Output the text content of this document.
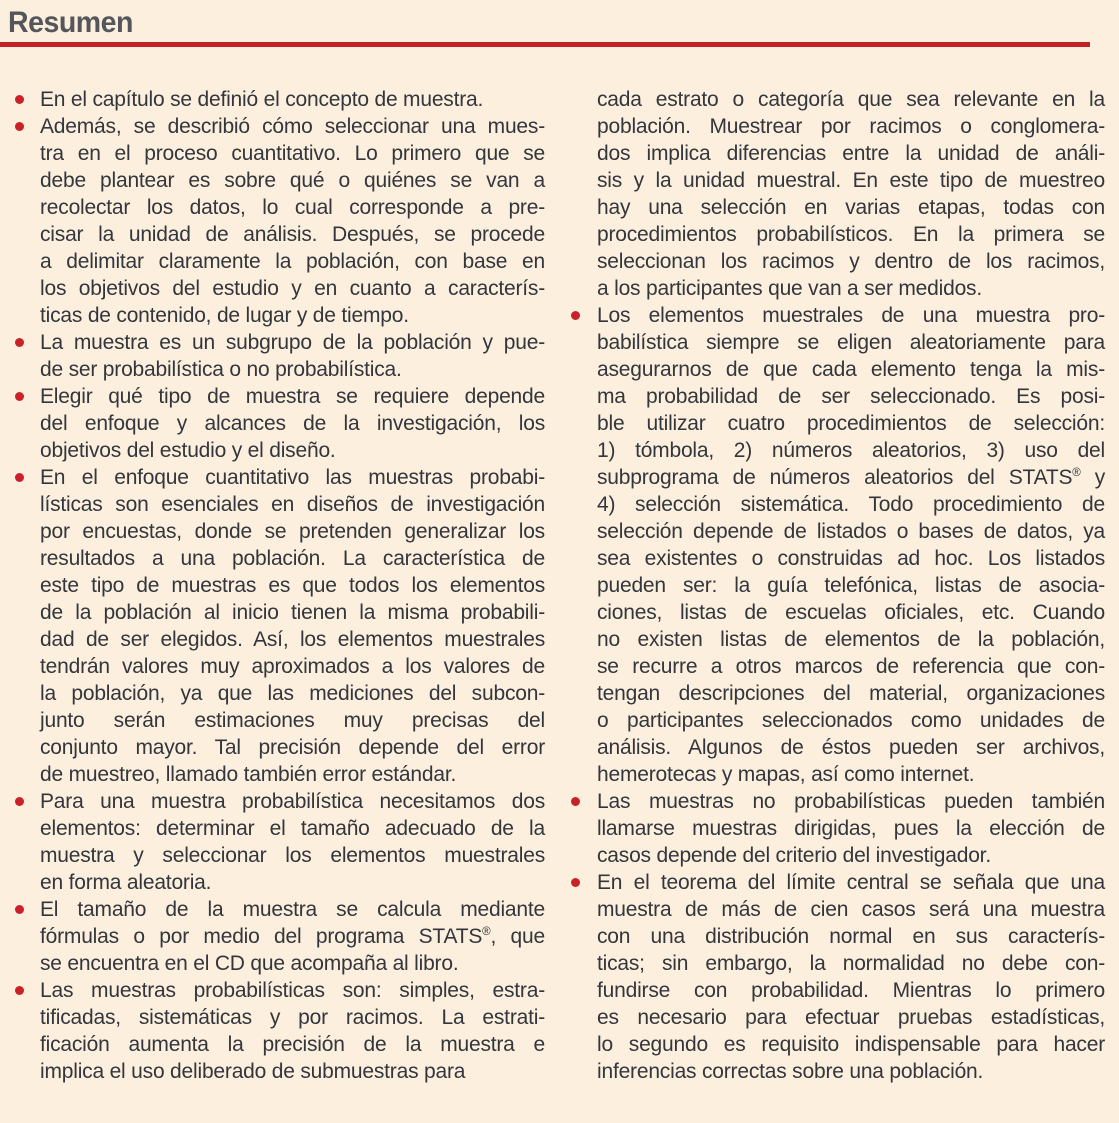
Resumen
En el capítulo se definió el concepto de muestra.
Además, se describió cómo seleccionar una mues-
tra en el proceso cuantitativo. Lo primero que se
debe plantear es sobre qué o quiénes se van a
recolectar los datos, lo cual corresponde a pre-
cisar la unidad de análisis. Después, se procede
a delimitar claramente la población, con base en
los objetivos del estudio y en cuanto a caracterís-
ticas de contenido, de lugar y de tiempo.
La muestra es un subgrupo de la población y pue-
de ser probabilística o no probabilística.
Elegir qué tipo de muestra se requiere depende
del enfoque y alcances de la investigación, los
objetivos del estudio y el diseño.
En el enfoque cuantitativo las muestras probabi-
lísticas son esenciales en diseños de investigación
por encuestas, donde se pretenden generalizar los
resultados a una población. La característica de
este tipo de muestras es que todos los elementos
de la población al inicio tienen la misma probabili-
dad de ser elegidos. Así, los elementos muestrales
tendrán valores muy aproximados a los valores de
la población, ya que las mediciones del subcon-
junto serán estimaciones muy precisas del
conjunto mayor. Tal precisión depende del error
de muestreo, llamado también error estándar.
Para una muestra probabilística necesitamos dos
elementos: determinar el tamaño adecuado de la
muestra y seleccionar los elementos muestrales
en forma aleatoria.
El tamaño de la muestra se calcula mediante
fórmulas o por medio del programa STATS®, que
se encuentra en el CD que acompaña al libro.
Las muestras probabilísticas son: simples, estra-
tificadas, sistemáticas y por racimos. La estrati-
ficación aumenta la precisión de la muestra e
implica el uso deliberado de submuestras para
cada estrato o categoría que sea relevante en la
población. Muestrear por racimos o conglomera-
dos implica diferencias entre la unidad de análi-
sis y la unidad muestral. En este tipo de muestreo
hay una selección en varias etapas, todas con
procedimientos probabilísticos. En la primera se
seleccionan los racimos y dentro de los racimos,
a los participantes que van a ser medidos.
Los elementos muestrales de una muestra pro-
babilística siempre se eligen aleatoriamente para
asegurarnos de que cada elemento tenga la mis-
ma probabilidad de ser seleccionado. Es posi-
ble utilizar cuatro procedimientos de selección:
1) tómbola, 2) números aleatorios, 3) uso del
subprograma de números aleatorios del STATS® y
4) selección sistemática. Todo procedimiento de
selección depende de listados o bases de datos, ya
sea existentes o construidas ad hoc. Los listados
pueden ser: la guía telefónica, listas de asocia-
ciones, listas de escuelas oficiales, etc. Cuando
no existen listas de elementos de la población,
se recurre a otros marcos de referencia que con-
tengan descripciones del material, organizaciones
o participantes seleccionados como unidades de
análisis. Algunos de éstos pueden ser archivos,
hemerotecas y mapas, así como internet.
Las muestras no probabilísticas pueden también
llamarse muestras dirigidas, pues la elección de
casos depende del criterio del investigador.
En el teorema del límite central se señala que una
muestra de más de cien casos será una muestra
con una distribución normal en sus caracterís-
ticas; sin embargo, la normalidad no debe con-
fundirse con probabilidad. Mientras lo primero
es necesario para efectuar pruebas estadísticas,
lo segundo es requisito indispensable para hacer
inferencias correctas sobre una población.
